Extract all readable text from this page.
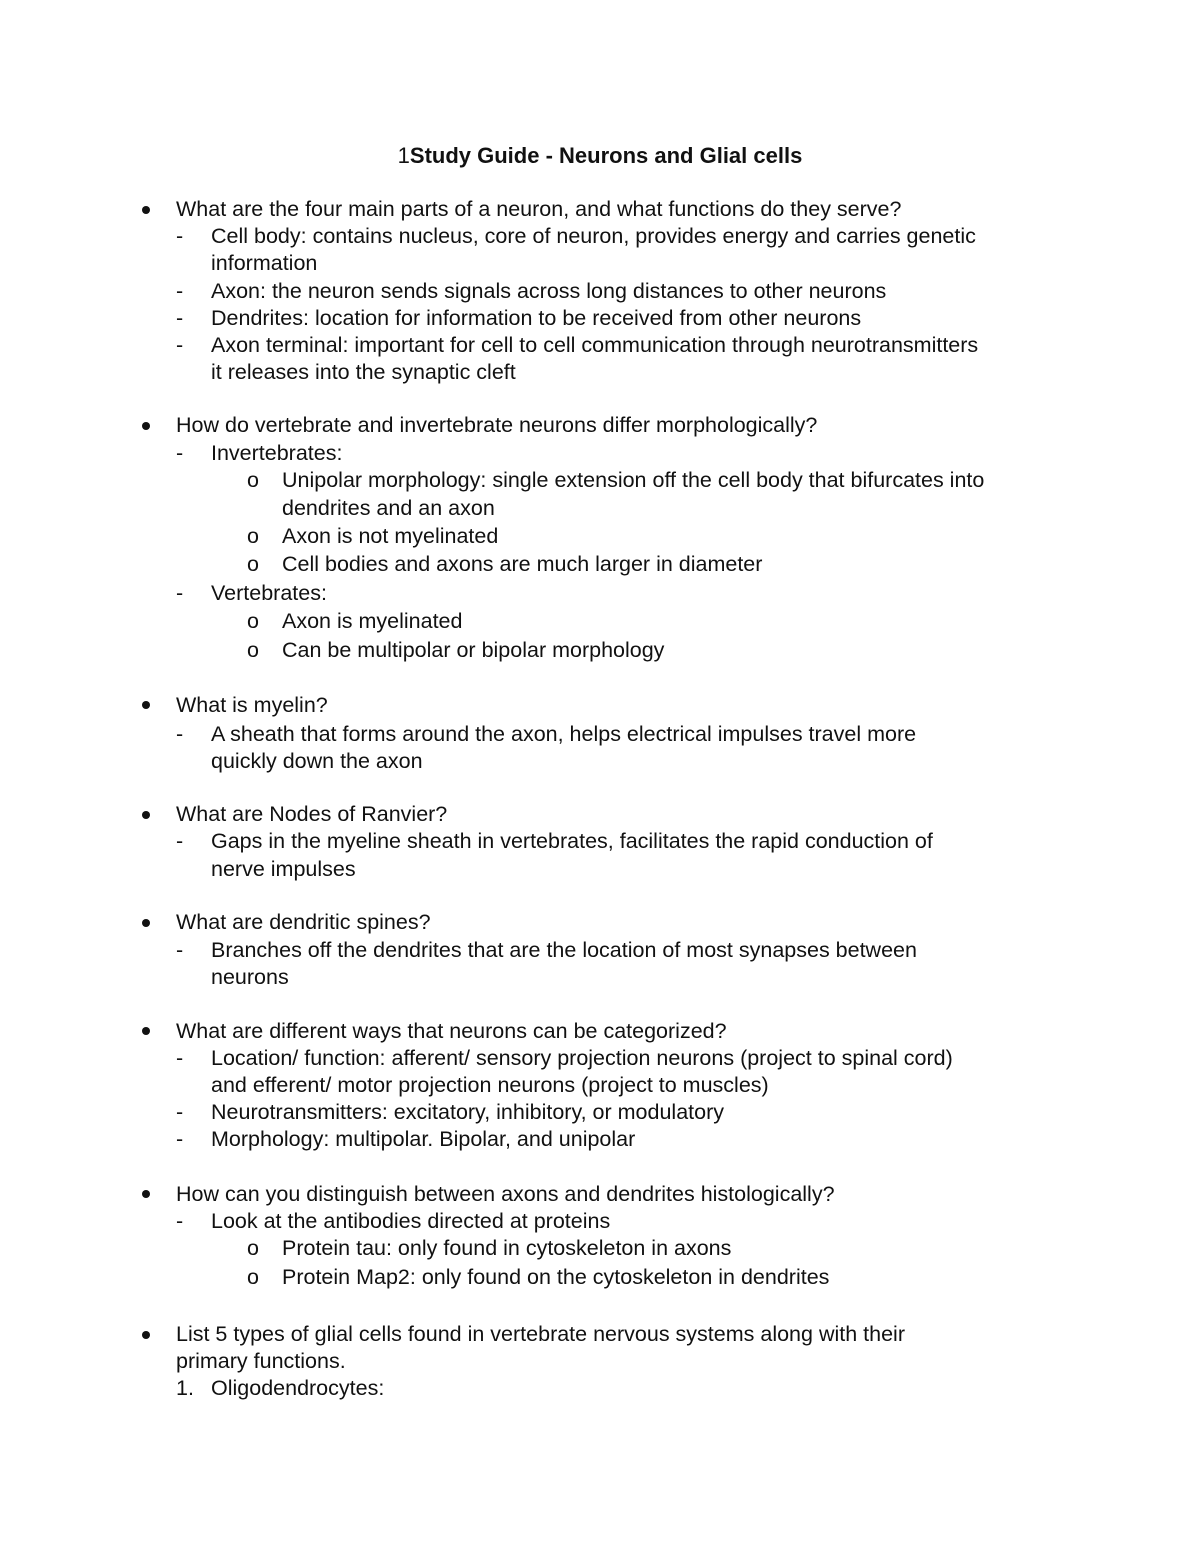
1Study Guide - Neurons and Glial cells
What are the four main parts of a neuron, and what functions do they serve?
- Cell body: contains nucleus, core of neuron, provides energy and carries genetic
information
- Axon: the neuron sends signals across long distances to other neurons
- Dendrites: location for information to be received from other neurons
- Axon terminal: important for cell to cell communication through neurotransmitters
it releases into the synaptic cleft
How do vertebrate and invertebrate neurons differ morphologically?
- Invertebrates:
o Unipolar morphology: single extension off the cell body that bifurcates into
dendrites and an axon
o Axon is not myelinated
o Cell bodies and axons are much larger in diameter
- Vertebrates:
o Axon is myelinated
o Can be multipolar or bipolar morphology
What is myelin?
- A sheath that forms around the axon, helps electrical impulses travel more
quickly down the axon
What are Nodes of Ranvier?
- Gaps in the myeline sheath in vertebrates, facilitates the rapid conduction of
nerve impulses
What are dendritic spines?
- Branches off the dendrites that are the location of most synapses between
neurons
What are different ways that neurons can be categorized?
- Location/ function: afferent/ sensory projection neurons (project to spinal cord)
and efferent/ motor projection neurons (project to muscles)
- Neurotransmitters: excitatory, inhibitory, or modulatory
- Morphology: multipolar. Bipolar, and unipolar
How can you distinguish between axons and dendrites histologically?
- Look at the antibodies directed at proteins
o Protein tau: only found in cytoskeleton in axons
o Protein Map2: only found on the cytoskeleton in dendrites
List 5 types of glial cells found in vertebrate nervous systems along with their
primary functions.
1. Oligodendrocytes:
